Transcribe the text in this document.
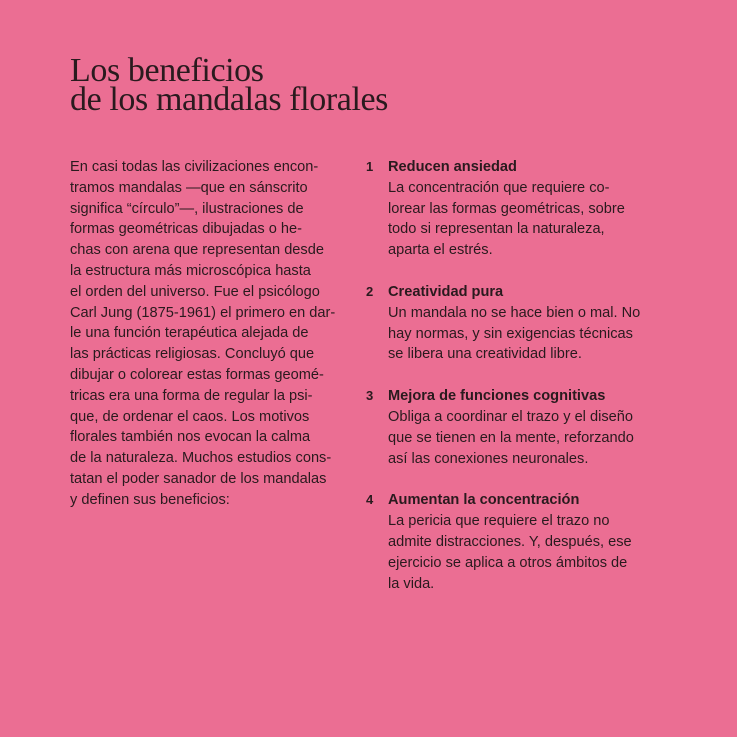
Los beneficios
de los mandalas florales

En casi todas las civilizaciones encon-
tramos mandalas —que en sánscrito
significa “círculo”—, ilustraciones de
formas geométricas dibujadas o he-
chas con arena que representan desde
la estructura más microscópica hasta
el orden del universo. Fue el psicólogo
Carl Jung (1875-1961) el primero en dar-
le una función terapéutica alejada de
las prácticas religiosas. Concluyó que
dibujar o colorear estas formas geomé-
tricas era una forma de regular la psi-
que, de ordenar el caos. Los motivos
florales también nos evocan la calma
de la naturaleza. Muchos estudios cons-
tatan el poder sanador de los mandalas
y definen sus beneficios:

1 Reducen ansiedad
La concentración que requiere co-
lorear las formas geométricas, sobre
todo si representan la naturaleza,
aparta el estrés.
2 Creatividad pura
Un mandala no se hace bien o mal. No
hay normas, y sin exigencias técnicas
se libera una creatividad libre.
3 Mejora de funciones cognitivas
Obliga a coordinar el trazo y el diseño
que se tienen en la mente, reforzando
así las conexiones neuronales.
4 Aumentan la concentración
La pericia que requiere el trazo no
admite distracciones. Y, después, ese
ejercicio se aplica a otros ámbitos de
la vida.
